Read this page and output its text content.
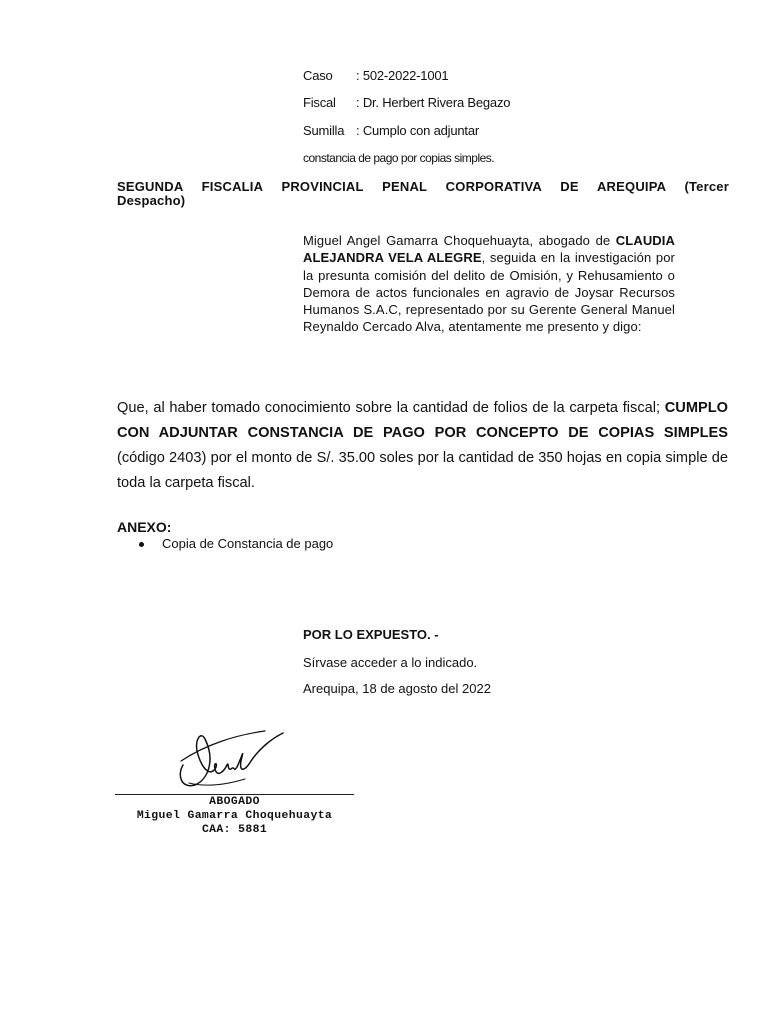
Caso : 502-2022-1001
Fiscal : Dr. Herbert Rivera Begazo
Sumilla : Cumplo con adjuntar
constancia de pago por copias simples.
SEGUNDA FISCALIA PROVINCIAL PENAL CORPORATIVA DE AREQUIPA (Tercer Despacho)
Miguel Angel Gamarra Choquehuayta, abogado de CLAUDIA ALEJANDRA VELA ALEGRE, seguida en la investigación por la presunta comisión del delito de Omisión, y Rehusamiento o Demora de actos funcionales en agravio de Joysar Recursos Humanos S.A.C, representado por su Gerente General Manuel Reynaldo Cercado Alva, atentamente me presento y digo:
Que, al haber tomado conocimiento sobre la cantidad de folios de la carpeta fiscal; CUMPLO CON ADJUNTAR CONSTANCIA DE PAGO POR CONCEPTO DE COPIAS SIMPLES (código 2403) por el monto de S/. 35.00 soles por la cantidad de 350 hojas en copia simple de toda la carpeta fiscal.
ANEXO:
Copia de Constancia de pago
POR LO EXPUESTO. -
Sírvase acceder a lo indicado.
Arequipa, 18 de agosto del 2022
ABOGADO
Miguel Gamarra Choquehuayta
CAA: 5881
